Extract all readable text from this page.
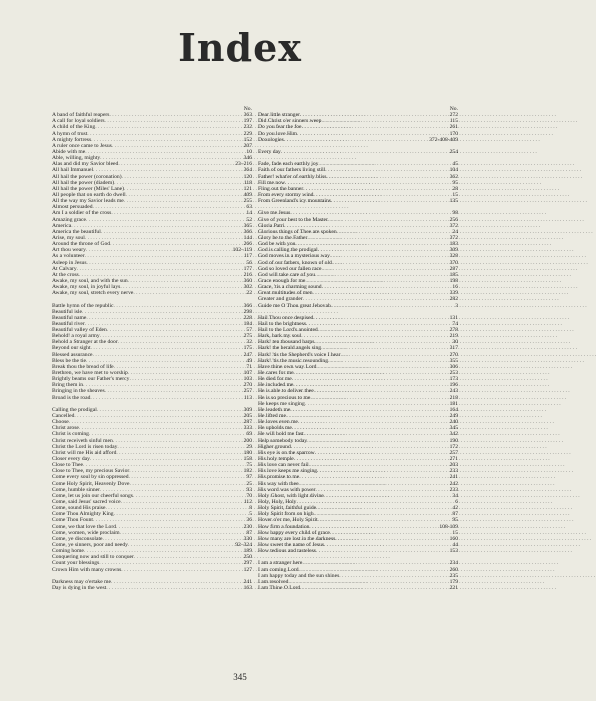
Index
No.
A band of faithful reapers . . .	363
A call for loyal soldiers . . .	197
A child of the King . . .	232
A hymn of trust . . .	229
A mighty fortress . . .	152
A ruler once came to Jesus . . .	207
Abide with me . . .	10
Able, willing, mighty . . .	346
Alas and did my Savior bleed . . .	23–216
All hail Immanuel . . .	364
All hail the power (coronation) . . .	120
All hail the power (diadem) . . .	118
All hail the power (Miles' Lane) . . .	121
All people that on earth do dwell . . .	409
All the way my Savior leads me . . .	255
Almost persuaded . . .	63
Am I a soldier of the cross . . .	14
Amazing grace . . .	52
America . . .	365
America the beautiful . . .	366
Arise, my soul . . .	144
Around the throne of God . . .	266
Art thou weary . . .	102–119
As a volunteer . . .	117
Asleep in Jesus . . .	56
At Calvary . . .	177
At the cross . . .	216
Awake, my soul, and with the sun . . .	360
Awake, my soul, in joyful lays . . .	302
Awake, my soul, stretch every nerve . . .	22
Battle hymn of the republic . . .	366
Beautiful isle . . .	298
Beautiful name . . .	228
Beautiful river . . .	184
Beautiful valley of Eden . . .	57
Behold! a royal army . . .	275
Behold a Stranger at the door . . .	32
Beyond our sight . . .	175
Blessed assurance . . .	247
Bless be the tie . . .	49
Break thou the bread of life . . .	71
Brethren, we have met to worship . . .	107
Brightly beams our Father's mercy . . .	103
Bring them in . . .	270
Bringing in the sheaves . . .	257
Broad is the road . . .	113
Calling the prodigal . . .	309
Cancelled . . .	205
Choose . . .	287
Christ arose . . .	333
Christ is coming . . .	69
Christ receiveth sinful men . . .	200
Christ the Lord is risen today . . .	29
Christ will me His aid afford . . .	180
Closer every day . . .	158
Close to Thee . . .	75
Close to Thee, my precious Savior . . .	182
Come every soul by sin oppressed . . .	97
Come Holy Spirit, Heavenly Dove . . .	25
Come, humble sinner . . .	93
Come, let us join our cheerful songs . . .	70
Come, said Jesus' sacred voice . . .	112
Come, sound His praise . . .	8
Come Thou Almighty King . . .	5
Come Thou Fount . . .	36
Come, we that love the Lord . . .	230
Come, women, wide proclaim . . .	87
Come, ye disconsolate . . .	330
Come, ye sinners, poor and needy . . .	92–324
Coming home . . .	189
Conquering now and still to conquer . . .	250
Count your blessings . . .	297
Crown Him with many crowns . . .	127
Darkness may o'ertake me . . .	241
Day is dying in the west . . .	163
No.
Dear little stranger . . .	272
Did Christ o'er sinners weep . . .	115
Do you fear the foe . . .	261
Do you love Him . . .	170
Doxologies . . .	372-408-409
Every day . . .	254
Fade, fade each earthly joy . . .	45
Faith of our fathers living still . . .	104
Father! what'er of earthly bliss . . .	362
Fill me now . . .	95
Fling out the banner . . .	28
From every stormy wind . . .	15
From Greenland's icy mountains . . .	135
Give me Jesus . . .	98
Give of your best to the Master . . .	256
Gloria Patri . . .	372
Glorious things of Thee are spoken . . .	24
Glory be to the Father . . .	372
God be with you . . .	183
God is calling the prodigal . . .	309
God moves in a mysterious way . . .	328
God of our fathers, known of old . . .	370
God so loved our fallen race . . .	287
God will take care of you . . .	185
Grace enough for me . . .	198
Grace, 'tis a charming sound . . .	16
Great multitudes of men . . .	339
Greater and grander . . .	282
Guide me O Thou great Jehovah . . .	3
Hail Thou once despised . . .	131
Hail to the brightness . . .	74
Hail to the Lord's anointed . . .	278
Hark, hark my soul . . .	219
Hark! ten thousand harps . . .	30
Hark! the herald angels sing . . .	317
Hark! 'tis the Shepherd's voice I hear . . .	270
Hark! 'tis the music resounding . . .	355
Have thine own way Lord . . .	306
He cares for me . . .	253
He died for me . . .	173
He included me . . .	196
He is able to deliver thee . . .	243
He is so precious to me . . .	218
He keeps me singing . . .	181
He leadeth me . . .	164
He lifted me . . .	249
He loves even me . . .	240
He upholds me . . .	345
He will hold me fast . . .	342
Help somebody today . . .	190
Higher ground . . .	172
His eye is on the sparrow . . .	257
His holy temple . . .	271
His love can never fail . . .	203
His love keeps me singing . . .	233
His promise to me . . .	241
His way with thee . . .	242
His word was with power . . .	233
Holy Ghost, with light divine . . .	34
Holy, Holy, Holy . . .	6
Holy Spirit, faithful guide . . .	42
Holy Spirit from on high . . .	87
Hover o'er me, Holy Spirit . . .	95
How firm a foundation . . .	108-109
How happy every child of grace . . .	15
How many are lost in the darkness . . .	160
How sweet the name of Jesus . . .	44
How tedious and tasteless . . .	153
I am a stranger here . . .	234
I am coming Lord . . .	260
I am happy today and the sun shines . . .	235
I am resolved . . .	179
I am Thine O Lord . . .	221
345
